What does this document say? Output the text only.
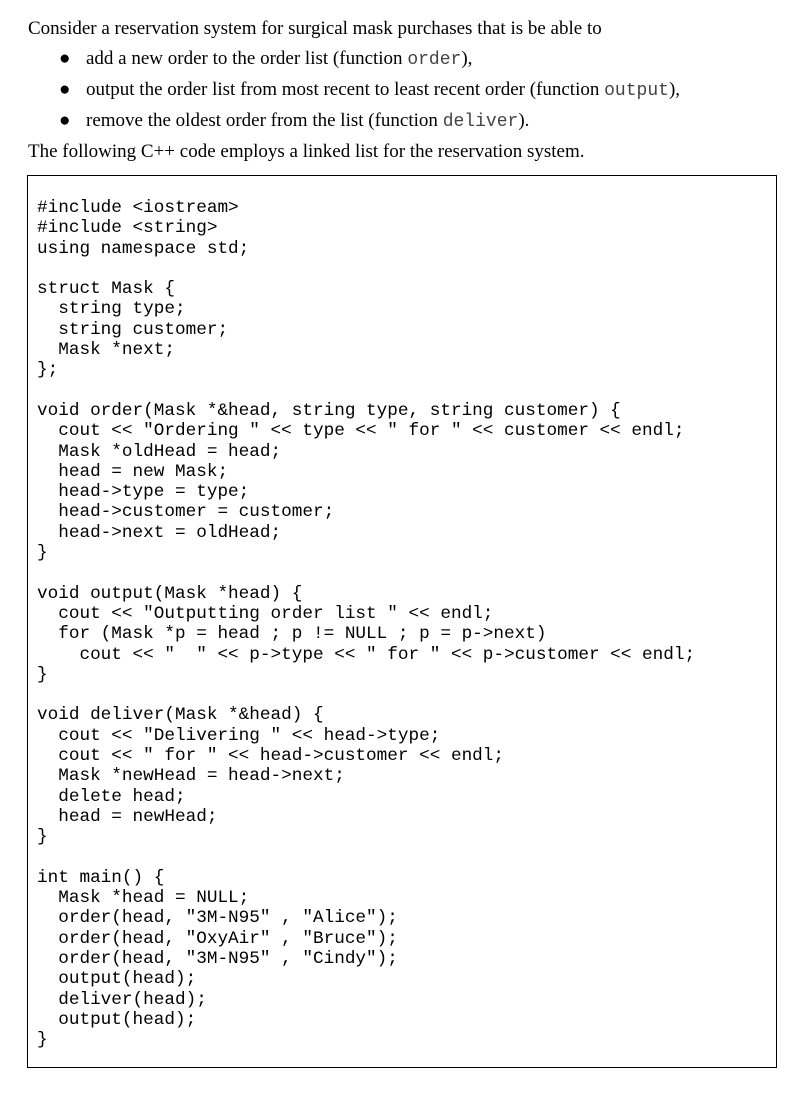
Consider a reservation system for surgical mask purchases that is be able to

● add a new order to the order list (function order),
● output the order list from most recent to least recent order (function output),
● remove the oldest order from the list (function deliver).

The following C++ code employs a linked list for the reservation system.

#include <iostream>
#include <string>
using namespace std;
struct Mask {
string type;
string customer;
Mask *next;
};
void order(Mask *&head, string type, string customer) {
cout << "Ordering " << type << " for " << customer << endl;
Mask *oldHead = head;
head = new Mask;
head->type = type;
head->customer = customer;
head->next = oldHead;
}
void output(Mask *head) {
cout << "Outputting order list " << endl;
for (Mask *p = head ; p != NULL ; p = p->next)
cout << "  " << p->type << " for " << p->customer << endl;
}
void deliver(Mask *&head) {
cout << "Delivering " << head->type;
cout << " for " << head->customer << endl;
Mask *newHead = head->next;
delete head;
head = newHead;
}
int main() {
Mask *head = NULL;
order(head, "3M-N95" , "Alice");
order(head, "OxyAir" , "Bruce");
order(head, "3M-N95" , "Cindy");
output(head);
deliver(head);
output(head);
}
